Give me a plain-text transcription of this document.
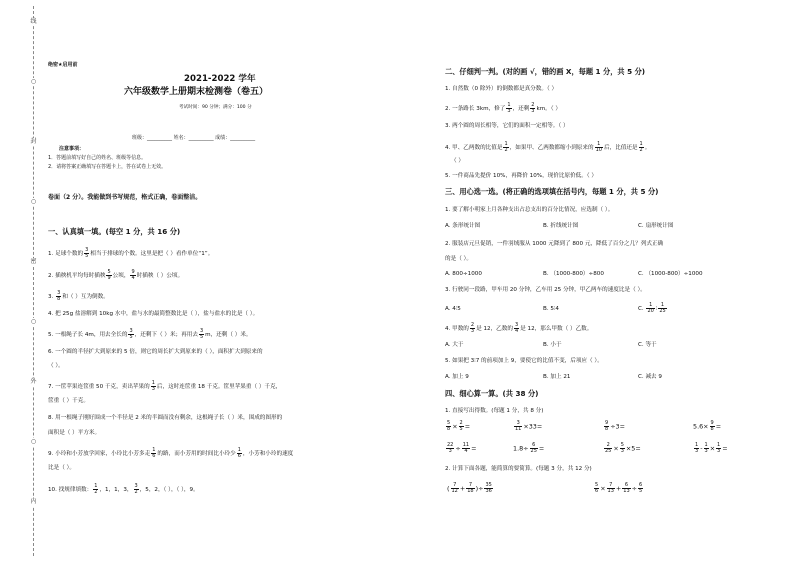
线
○
封
○
密
○
外
○
内
绝密★启用前
2021-2022 学年
六年级数学上册期末检测卷（卷五）
考试时间：90 分钟；满分：100 分
班级：__________ 姓名：__________ 成绩：__________
注意事项：
1．答题前填写好自己的姓名、班级等信息。
2．请将答案正确填写在答题卡上，答在试卷上无效。
卷面（2 分）。我能做到书写规范，格式正确，卷面整洁。
一、认真填一填。(每空 1 分，共 16 分)
1. 足球个数的 $\frac{3}{5}$ 相当于排球的个数。这里是把（ ）看作单位“1”。
2. 插秧机平均每时插秧 $\frac{5}{9}$ 公顷， $\frac{9}{4}$ 时插秧（ ）公顷。
3. $\frac{3}{8}$ 和（ ）互为倒数。
4. 把 25g 盐溶解到 10kg 水中，盐与水的最简整数比是（ ），盐与盐水的比是（ ）。
5. 一根绳子长 4m，用去全长的 $\frac{3}{5}$ ，还剩下（ ）米；再用去 $\frac{3}{5}$ m，还剩（ ）米。
6. 一个圆的半径扩大到原来的 5 倍，则它的周长扩大到原来的（ ），面积扩大到原来的
（ ）。
7. 一筐苹果连筐重 50 千克，卖出苹果的 $\frac{1}{3}$ 后，这时连筐重 18 千克。筐里苹果重（ ）千克，
筐重（ ）千克。
8. 用一根绳子刚好围成一个半径是 2 米的半圆而没有剩余，这根绳子长（ ）米，围成的图形的
面积是（ ）平方米。
9. 小玲和小芳放学回家，小玲比小芳多走 $\frac{1}{6}$ 的路，而小芳用的时间比小玲少 $\frac{1}{6}$ ，小芳和小玲的速度
比是（ ）。
10. 找规律填数： $\frac{1}{2}$ ，1，1，3， $\frac{3}{2}$ ，5，2，（ ），（ ），9。
二、仔细判一判。(对的画 √，错的画 X，每题 1 分，共 5 分)
1. 自然数（0 除外）的倒数都是真分数。（ ）
2. 一条路长 3km，修了 $\frac{1}{3}$ ，还剩 $\frac{2}{3}$ km。（ ）
3. 两个圆的周长相等，它们的面积一定相等。（ ）
4. 甲、乙两数的比值是 $\frac{1}{2}$ ，如果甲、乙两数都缩小到原来的 $\frac{1}{10}$ 后，比值还是 $\frac{1}{2}$ 。
（ ）
5. 一件商品先提价 10%，再降价 10%，现价比原价低。（ ）
三、用心选一选。(将正确的选项填在括号内，每题 1 分，共 5 分)
1. 要了解小明家上月各种支出占总支出的百分比情况，应选制（ ）。
A. 条形统计图	B. 折线统计图	C. 扇形统计图
2. 服装店元旦促销，一件羽绒服从 1000 元降到了 800 元，降低了百分之几？列式正确
的是（ ）。
A. 800÷1000	B. （1000-800）÷800	C. （1000-800）÷1000
3. 行驶同一段路，甲车用 20 分钟，乙车用 25 分钟，甲乙两车的速度比是（ ）。
A. 4∶5	B. 5∶4	C. $\frac{1}{20}$ ∶ $\frac{1}{25}$
4. 甲数的 $\frac{2}{3}$ 是 12，乙数的 $\frac{3}{4}$ 是 12，那么甲数（ ）乙数。
A. 大于	B. 小于	C. 等于
5. 如果把 3∶7 的前项加上 9，要使它的比值不变，后项应（ ）。
A. 加上 9	B. 加上 21	C. 减去 9
四、细心算一算。(共 38 分)
1. 直接写出得数。(每题 1 分，共 8 分)
$\frac{5}{8} \times \frac{2}{5}$ =	$\frac{3}{11} \times 33=$	$\frac{9}{8} \div 3=$	$5.6\times \frac{9}{8}$ =
$\frac{22}{3} \div \frac{11}{4}$ =	$1.8\div \frac{6}{25}$ =	$\frac{2}{25} \times \frac{5}{3} \times 5=$	$\frac{1}{3} - \frac{1}{3} \times \frac{1}{3}$ =
2. 计算下面各题，能简算的要简算。(每题 3 分，共 12 分)
( $\frac{7}{12} + \frac{7}{18}$ )÷ $\frac{35}{36}$	$\frac{5}{6} \times \frac{7}{13} + \frac{6}{13} \div \frac{6}{5}$
